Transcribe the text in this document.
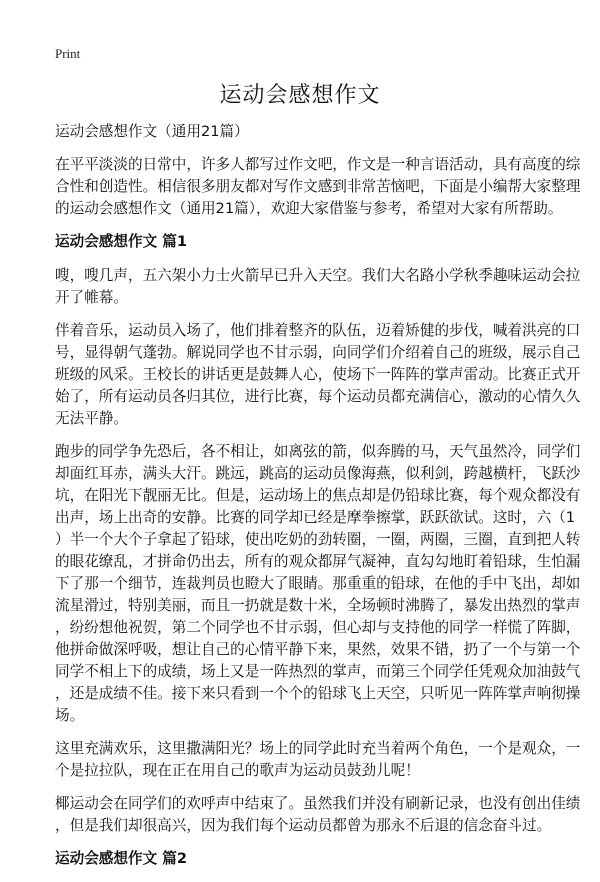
Print
运动会感想作文
运动会感想作文（通用21篇）
在平平淡淡的日常中，许多人都写过作文吧，作文是一种言语活动，具有高度的综
合性和创造性。相信很多朋友都对写作文感到非常苦恼吧，下面是小编帮大家整理
的运动会感想作文（通用21篇），欢迎大家借鉴与参考，希望对大家有所帮助。
运动会感想作文 篇1
嗖，嗖几声，五六架小力士火箭早已升入天空。我们大名路小学秋季趣味运动会拉
开了帷幕。
伴着音乐，运动员入场了，他们排着整齐的队伍，迈着矫健的步伐，喊着洪亮的口
号，显得朝气蓬勃。解说同学也不甘示弱，向同学们介绍着自己的班级，展示自己
班级的风采。王校长的讲话更是鼓舞人心，使场下一阵阵的掌声雷动。比赛正式开
始了，所有运动员各归其位，进行比赛，每个运动员都充满信心，激动的心情久久
无法平静。
跑步的同学争先恐后，各不相让，如离弦的箭，似奔腾的马，天气虽然冷，同学们
却面红耳赤，满头大汗。跳远，跳高的运动员像海燕，似利剑，跨越横杆，飞跃沙
坑，在阳光下靓丽无比。但是，运动场上的焦点却是仍铅球比赛，每个观众都没有
出声，场上出奇的安静。比赛的同学却已经是摩拳擦掌，跃跃欲试。这时，六（1
）半一个大个子拿起了铅球，使出吃奶的劲转圈，一圈，两圈，三圈，直到把人转
的眼花缭乱，才拼命仍出去，所有的观众都屏气凝神，直勾勾地盯着铅球，生怕漏
下了那一个细节，连裁判员也瞪大了眼睛。那重重的铅球，在他的手中飞出，却如
流星滑过，特别美丽，而且一扔就是数十米，全场顿时沸腾了，暴发出热烈的掌声
，纷纷想他祝贺，第二个同学也不甘示弱，但心却与支持他的同学一样慌了阵脚，
他拼命做深呼吸，想让自己的心情平静下来，果然，效果不错，扔了一个与第一个
同学不相上下的成绩，场上又是一阵热烈的掌声，而第三个同学任凭观众加油鼓气
，还是成绩不佳。接下来只看到一个个的铅球飞上天空，只听见一阵阵掌声响彻操
场。
这里充满欢乐，这里撒满阳光？场上的同学此时充当着两个角色，一个是观众，一
个是拉拉队，现在正在用自己的歌声为运动员鼓劲儿呢！
椰运动会在同学们的欢呼声中结束了。虽然我们并没有刷新记录，也没有创出佳绩
，但是我们却很高兴，因为我们每个运动员都曾为那永不后退的信念奋斗过。
运动会感想作文 篇2
